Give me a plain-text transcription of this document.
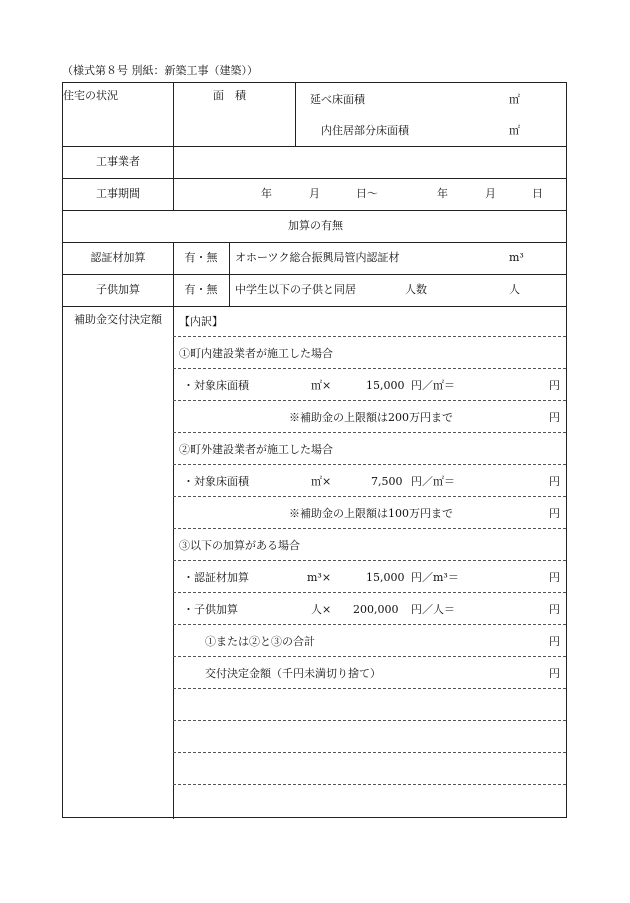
（様式第８号 別紙：新築工事（建築））
住宅の状況	面　積	延べ床面積	㎡
内住居部分床面積	㎡
工事業者
工事期間	年	月	日～	年	月	日
加算の有無
認証材加算	有・無	オホーツク総合振興局管内認証材	m³
子供加算	有・無	中学生以下の子供と同居	人数	人
補助金交付決定額	【内訳】
①町内建設業者が施工した場合
・対象床面積	㎡×	15,000 円／㎡＝	円
※補助金の上限額は200万円まで	円
②町外建設業者が施工した場合
・対象床面積	㎡×	7,500 円／㎡＝	円
※補助金の上限額は100万円まで	円
③以下の加算がある場合
・認証材加算	m³×	15,000 円／m³＝	円
・子供加算	人× 200,000 円／人＝	円
①または②と③の合計	円
交付決定金額（千円未満切り捨て）	円
